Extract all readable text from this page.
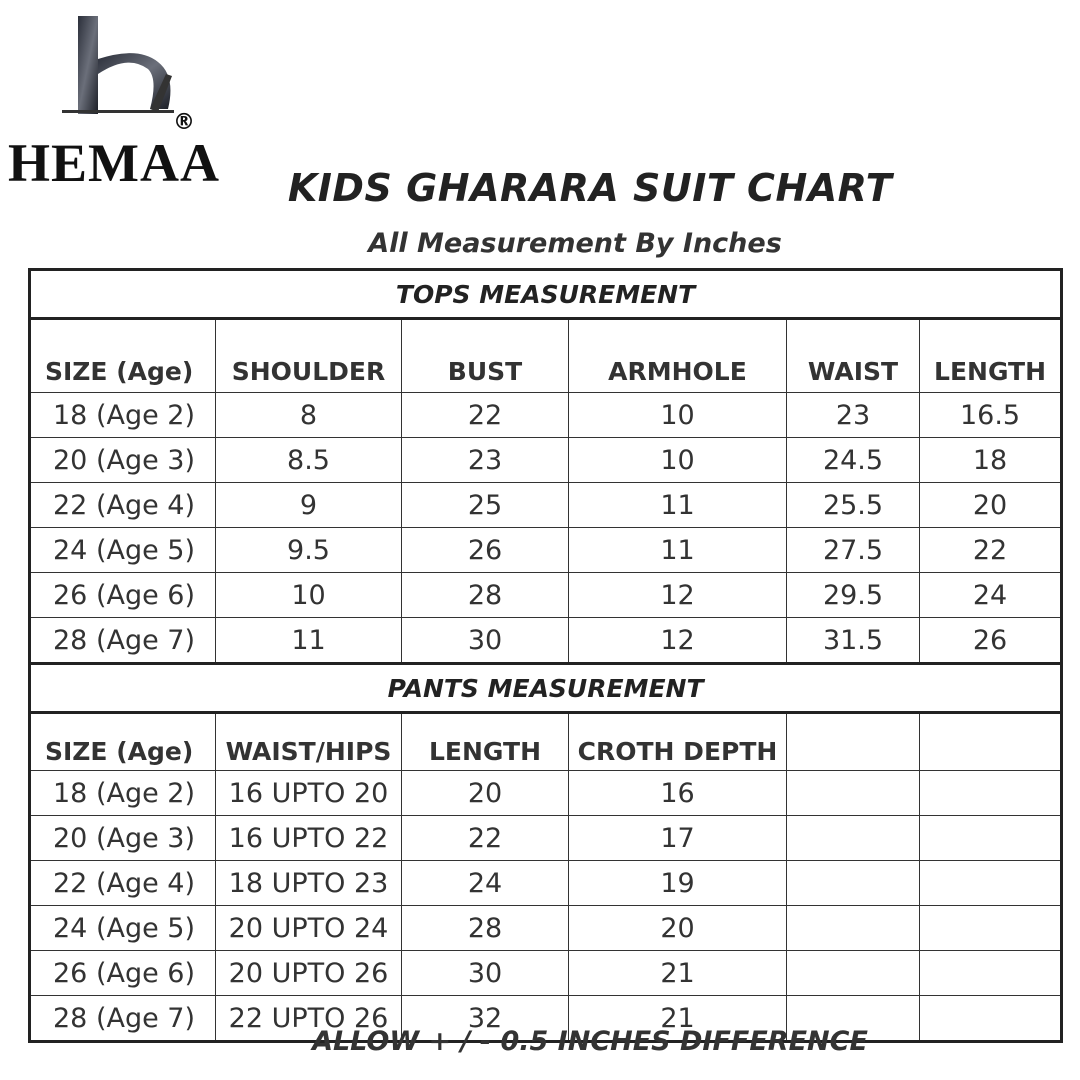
®
HEMAA	KIDS GHARARA SUIT CHART
All Measurement By Inches
TOPS MEASUREMENT					
SIZE (Age)	SHOULDER	BUST	ARMHOLE	WAIST	LENGTH
18 (Age 2)	8	22	10	23	16.5
20 (Age 3)	8.5	23	10	24.5	18
22 (Age 4)	9	25	11	25.5	20
24 (Age 5)	9.5	26	11	27.5	22
26 (Age 6)	10	28	12	29.5	24
28 (Age 7)	11	30	12	31.5	26
PANTS MEASUREMENT					
SIZE (Age)	WAIST/HIPS	LENGTH	CROTH DEPTH		
18 (Age 2)	16 UPTO 20	20	16		
20 (Age 3)	16 UPTO 22	22	17		
22 (Age 4)	18 UPTO 23	24	19		
24 (Age 5)	20 UPTO 24	28	20		
26 (Age 6)	20 UPTO 26	30	21		
28 (Age 7)	22 UPTO 26	32	21		
ALLOW + / - 0.5 INCHES DIFFERENCE
